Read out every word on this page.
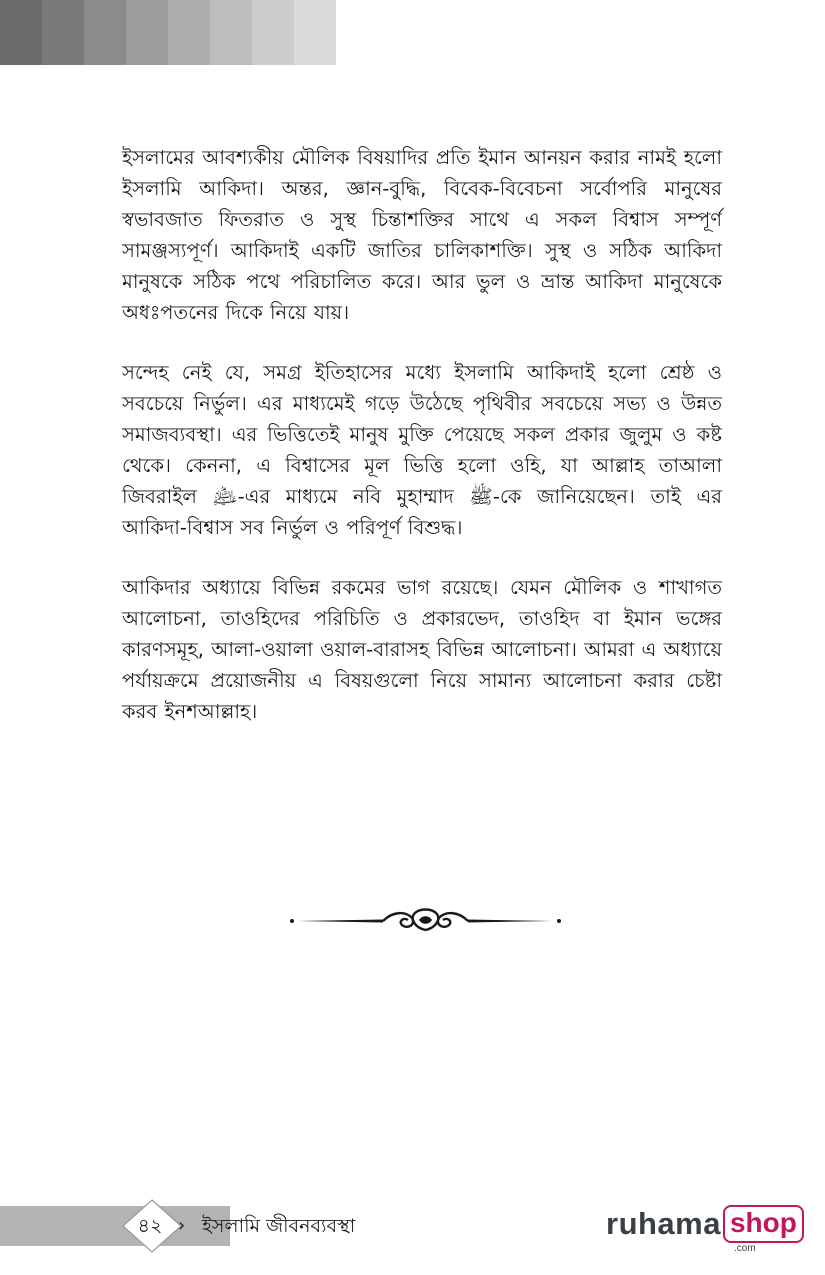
ইসলামের আবশ্যকীয় মৌলিক বিষয়াদির প্রতি ইমান আনয়ন করার নামই হলো ইসলামি আকিদা। অন্তর, জ্ঞান-বুদ্ধি, বিবেক-বিবেচনা সর্বোপরি মানুষের স্বভাবজাত ফিতরাত ও সুস্থ চিন্তাশক্তির সাথে এ সকল বিশ্বাস সম্পূর্ণ সামঞ্জস্যপূর্ণ। আকিদাই একটি জাতির চালিকাশক্তি। সুস্থ ও সঠিক আকিদা মানুষকে সঠিক পথে পরিচালিত করে। আর ভুল ও ভ্রান্ত আকিদা মানুষেকে অধঃপতনের দিকে নিয়ে যায়।

সন্দেহ নেই যে, সমগ্র ইতিহাসের মধ্যে ইসলামি আকিদাই হলো শ্রেষ্ঠ ও সবচেয়ে নির্ভুল। এর মাধ্যমেই গড়ে উঠেছে পৃথিবীর সবচেয়ে সভ্য ও উন্নত সমাজব্যবস্থা। এর ভিত্তিতেই মানুষ মুক্তি পেয়েছে সকল প্রকার জুলুম ও কষ্ট থেকে। কেননা, এ বিশ্বাসের মূল ভিত্তি হলো ওহি, যা আল্লাহ তাআলা জিবরাইল ﵇-এর মাধ্যমে নবি মুহাম্মাদ ﷺ-কে জানিয়েছেন। তাই এর আকিদা-বিশ্বাস সব নির্ভুল ও পরিপূর্ণ বিশুদ্ধ।

আকিদার অধ্যায়ে বিভিন্ন রকমের ভাগ রয়েছে। যেমন মৌলিক ও শাখাগত আলোচনা, তাওহিদের পরিচিতি ও প্রকারভেদ, তাওহিদ বা ইমান ভঙ্গের কারণসমূহ, আলা-ওয়ালা ওয়াল-বারাসহ বিভিন্ন আলোচনা। আমরা এ অধ্যায়ে পর্যায়ক্রমে প্রয়োজনীয় এ বিষয়গুলো নিয়ে সামান্য আলোচনা করার চেষ্টা করব ইনশআল্লাহ।

৪২ › ইসলামি জীবনব্যবস্থা	ruhama shop
.com
